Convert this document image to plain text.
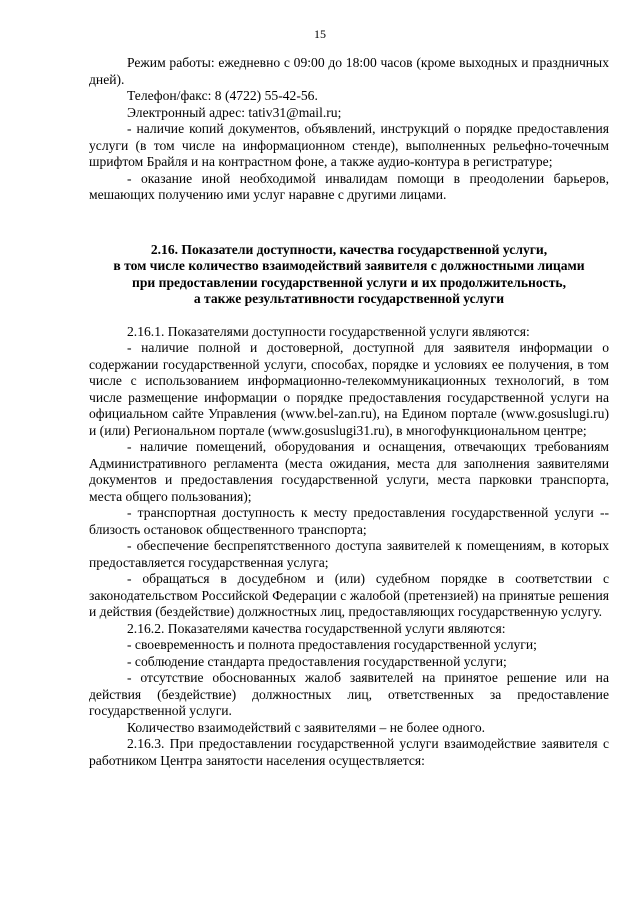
15

Режим работы: ежедневно с 09:00 до 18:00 часов (кроме выходных и праздничных дней).

Телефон/факс: 8 (4722) 55-42-56.

Электронный адрес: tativ31@mail.ru;

- наличие копий документов, объявлений, инструкций о порядке предоставления услуги (в том числе на информационном стенде), выполненных рельефно-точечным шрифтом Брайля и на контрастном фоне, а также аудио-контура в регистратуре;

- оказание иной необходимой инвалидам помощи в преодолении барьеров, мешающих получению ими услуг наравне с другими лицами.

2.16. Показатели доступности, качества государственной услуги,
в том числе количество взаимодействий заявителя с должностными лицами
при предоставлении государственной услуги и их продолжительность,
а также результативности государственной услуги

2.16.1. Показателями доступности государственной услуги являются:

- наличие полной и достоверной, доступной для заявителя информации о содержании государственной услуги, способах, порядке и условиях ее получения, в том числе с использованием информационно-телекоммуникационных технологий, в том числе размещение информации о порядке предоставления государственной услуги на официальном сайте Управления (www.bel-zan.ru), на Едином портале (www.gosuslugi.ru) и (или) Региональном портале (www.gosuslugi31.ru), в многофункциональном центре;

- наличие помещений, оборудования и оснащения, отвечающих требованиям Административного регламента (места ожидания, места для заполнения заявителями документов и предоставления государственной услуги, места парковки транспорта, места общего пользования);

- транспортная доступность к месту предоставления государственной услуги -- близость остановок общественного транспорта;

- обеспечение беспрепятственного доступа заявителей к помещениям, в которых предоставляется государственная услуга;

- обращаться в досудебном и (или) судебном порядке в соответствии с законодательством Российской Федерации с жалобой (претензией) на принятые решения и действия (бездействие) должностных лиц, предоставляющих государственную услугу.

2.16.2. Показателями качества государственной услуги являются:

- своевременность и полнота предоставления государственной услуги;

- соблюдение стандарта предоставления государственной услуги;

- отсутствие обоснованных жалоб заявителей на принятое решение или на действия (бездействие) должностных лиц, ответственных за предоставление государственной услуги.

Количество взаимодействий с заявителями – не более одного.

2.16.3. При предоставлении государственной услуги взаимодействие заявителя с работником Центра занятости населения осуществляется:
